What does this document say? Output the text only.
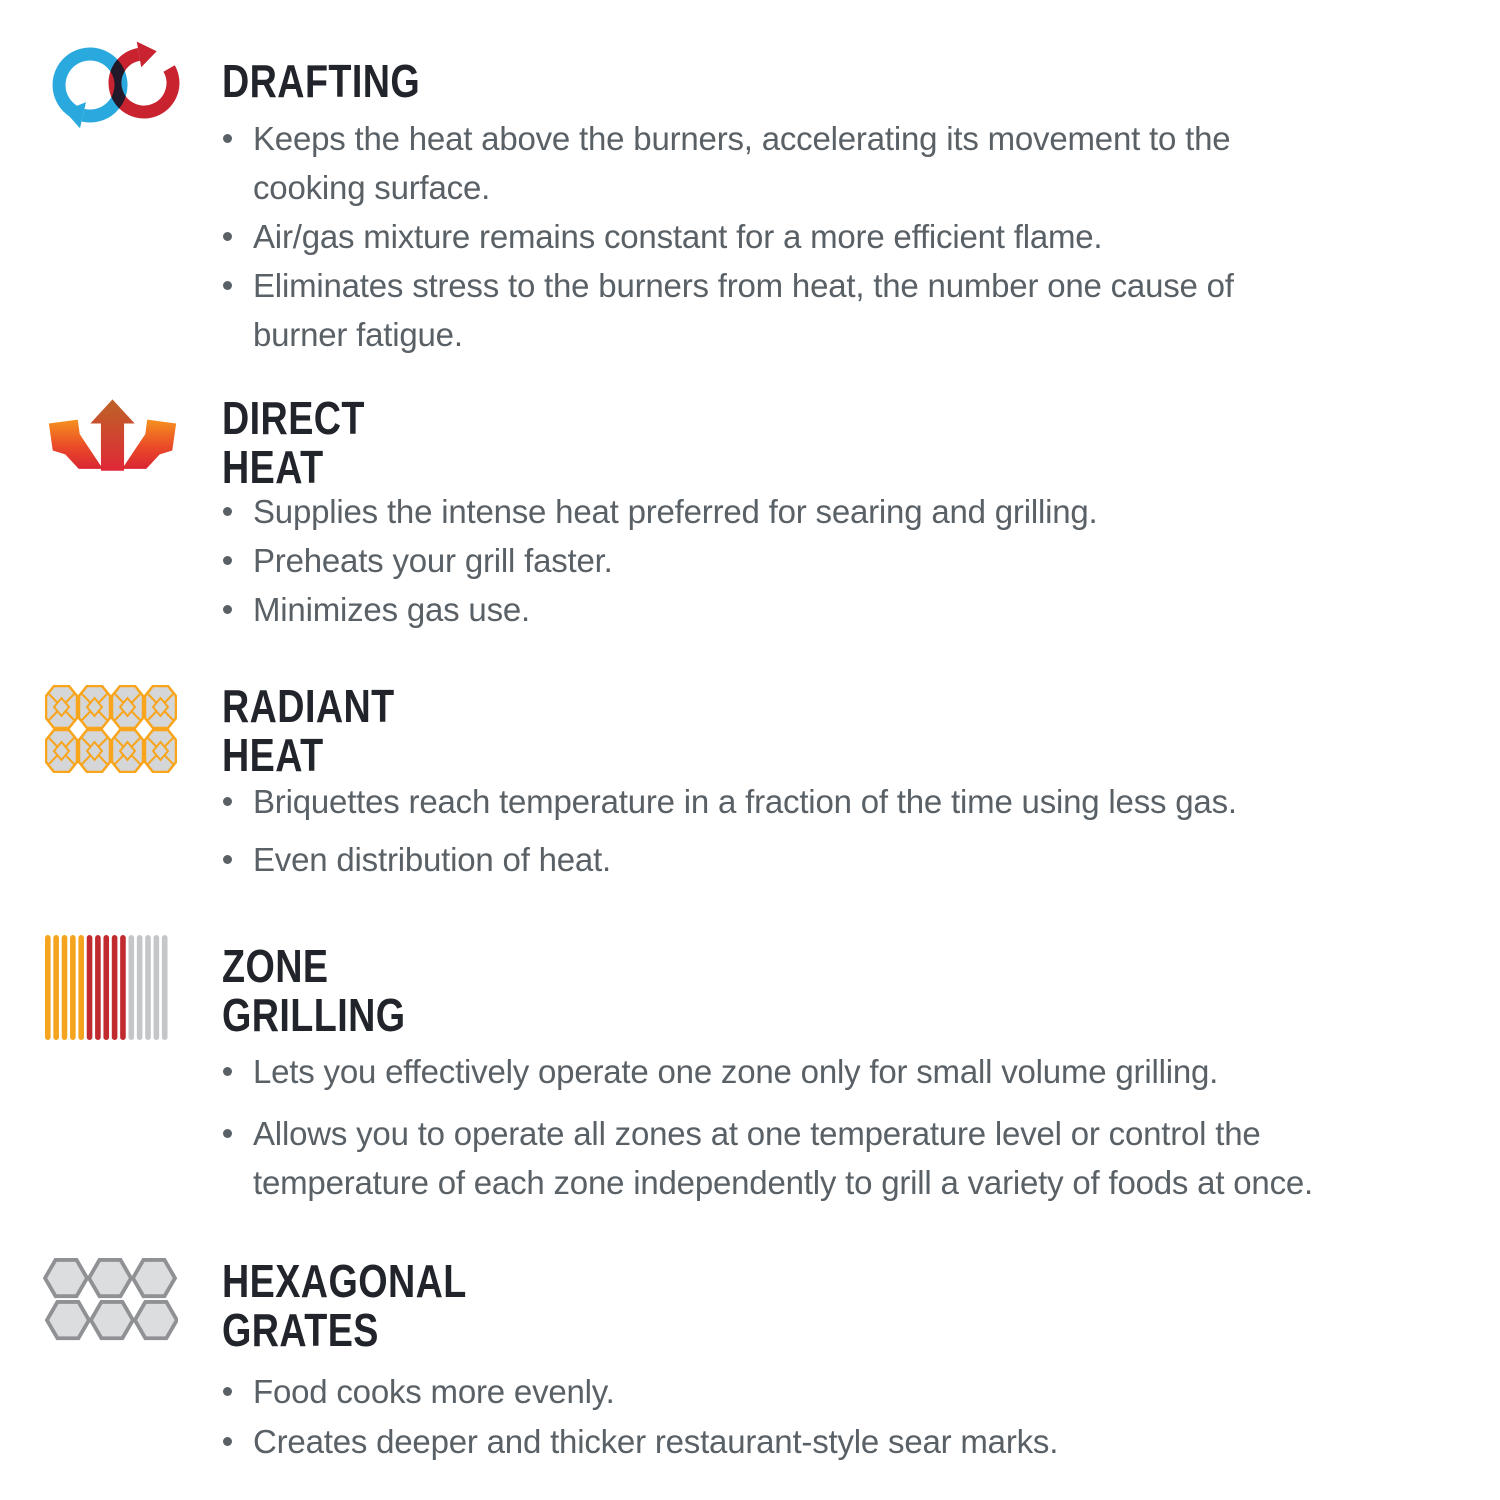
DRAFTING
Keeps the heat above the burners, accelerating its movement to the
cooking surface.
Air/gas mixture remains constant for a more efficient flame.
Eliminates stress to the burners from heat, the number one cause of
burner fatigue.
DIRECT
HEAT
Supplies the intense heat preferred for searing and grilling.
Preheats your grill faster.
Minimizes gas use.
RADIANT
HEAT
Briquettes reach temperature in a fraction of the time using less gas.
Even distribution of heat.
ZONE
GRILLING
Lets you effectively operate one zone only for small volume grilling.
Allows you to operate all zones at one temperature level or control the
temperature of each zone independently to grill a variety of foods at once.
HEXAGONAL
GRATES
Food cooks more evenly.
Creates deeper and thicker restaurant-style sear marks.
